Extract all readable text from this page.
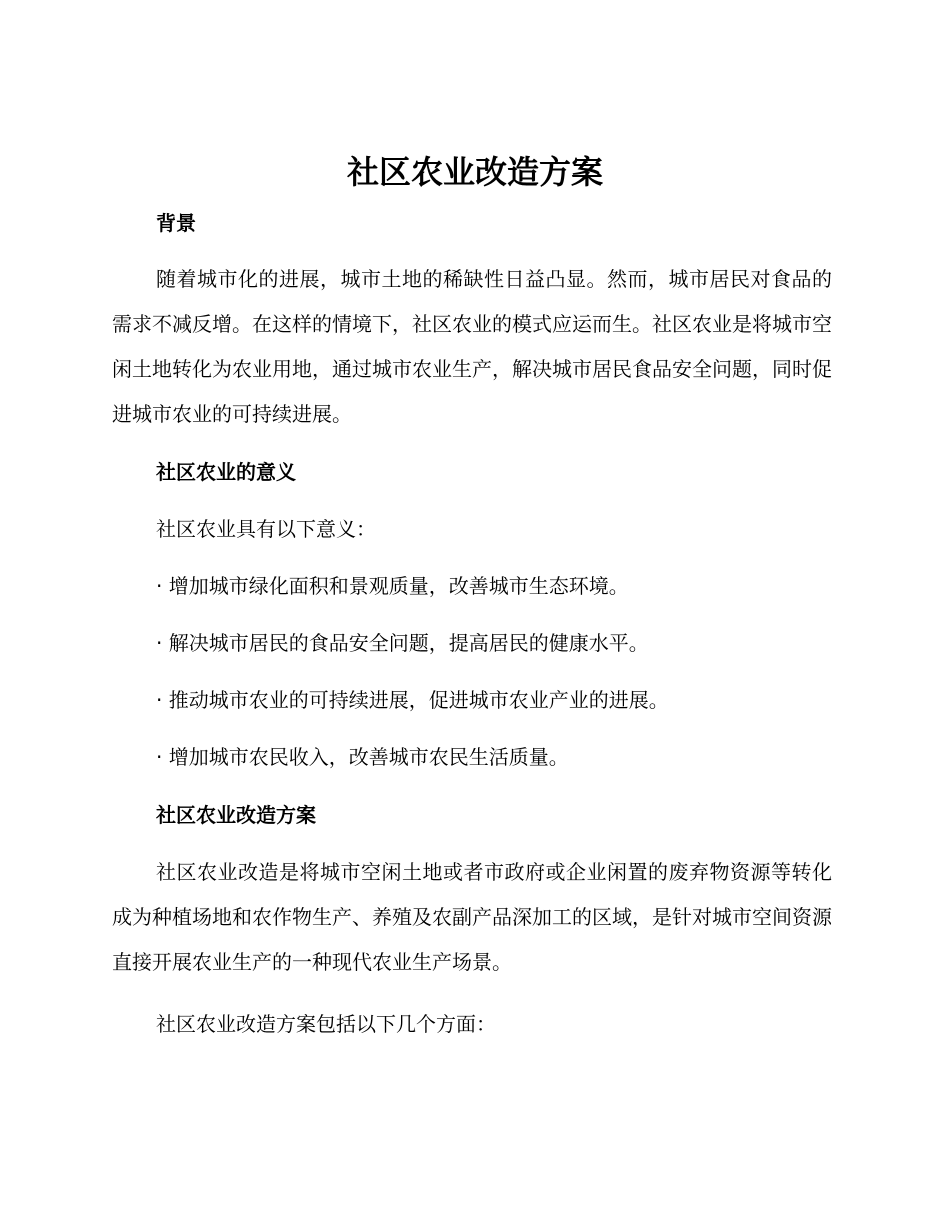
社区农业改造方案
背景

随着城市化的进展，城市土地的稀缺性日益凸显。然而，城市居民对食品的需求不减反增。在这样的情境下，社区农业的模式应运而生。社区农业是将城市空闲土地转化为农业用地，通过城市农业生产，解决城市居民食品安全问题，同时促进城市农业的可持续进展。

社区农业的意义

社区农业具有以下意义：

· 增加城市绿化面积和景观质量，改善城市生态环境。

· 解决城市居民的食品安全问题，提高居民的健康水平。

· 推动城市农业的可持续进展，促进城市农业产业的进展。

· 增加城市农民收入，改善城市农民生活质量。

社区农业改造方案

社区农业改造是将城市空闲土地或者市政府或企业闲置的废弃物资源等转化成为种植场地和农作物生产、养殖及农副产品深加工的区域，是针对城市空间资源直接开展农业生产的一种现代农业生产场景。

社区农业改造方案包括以下几个方面：
